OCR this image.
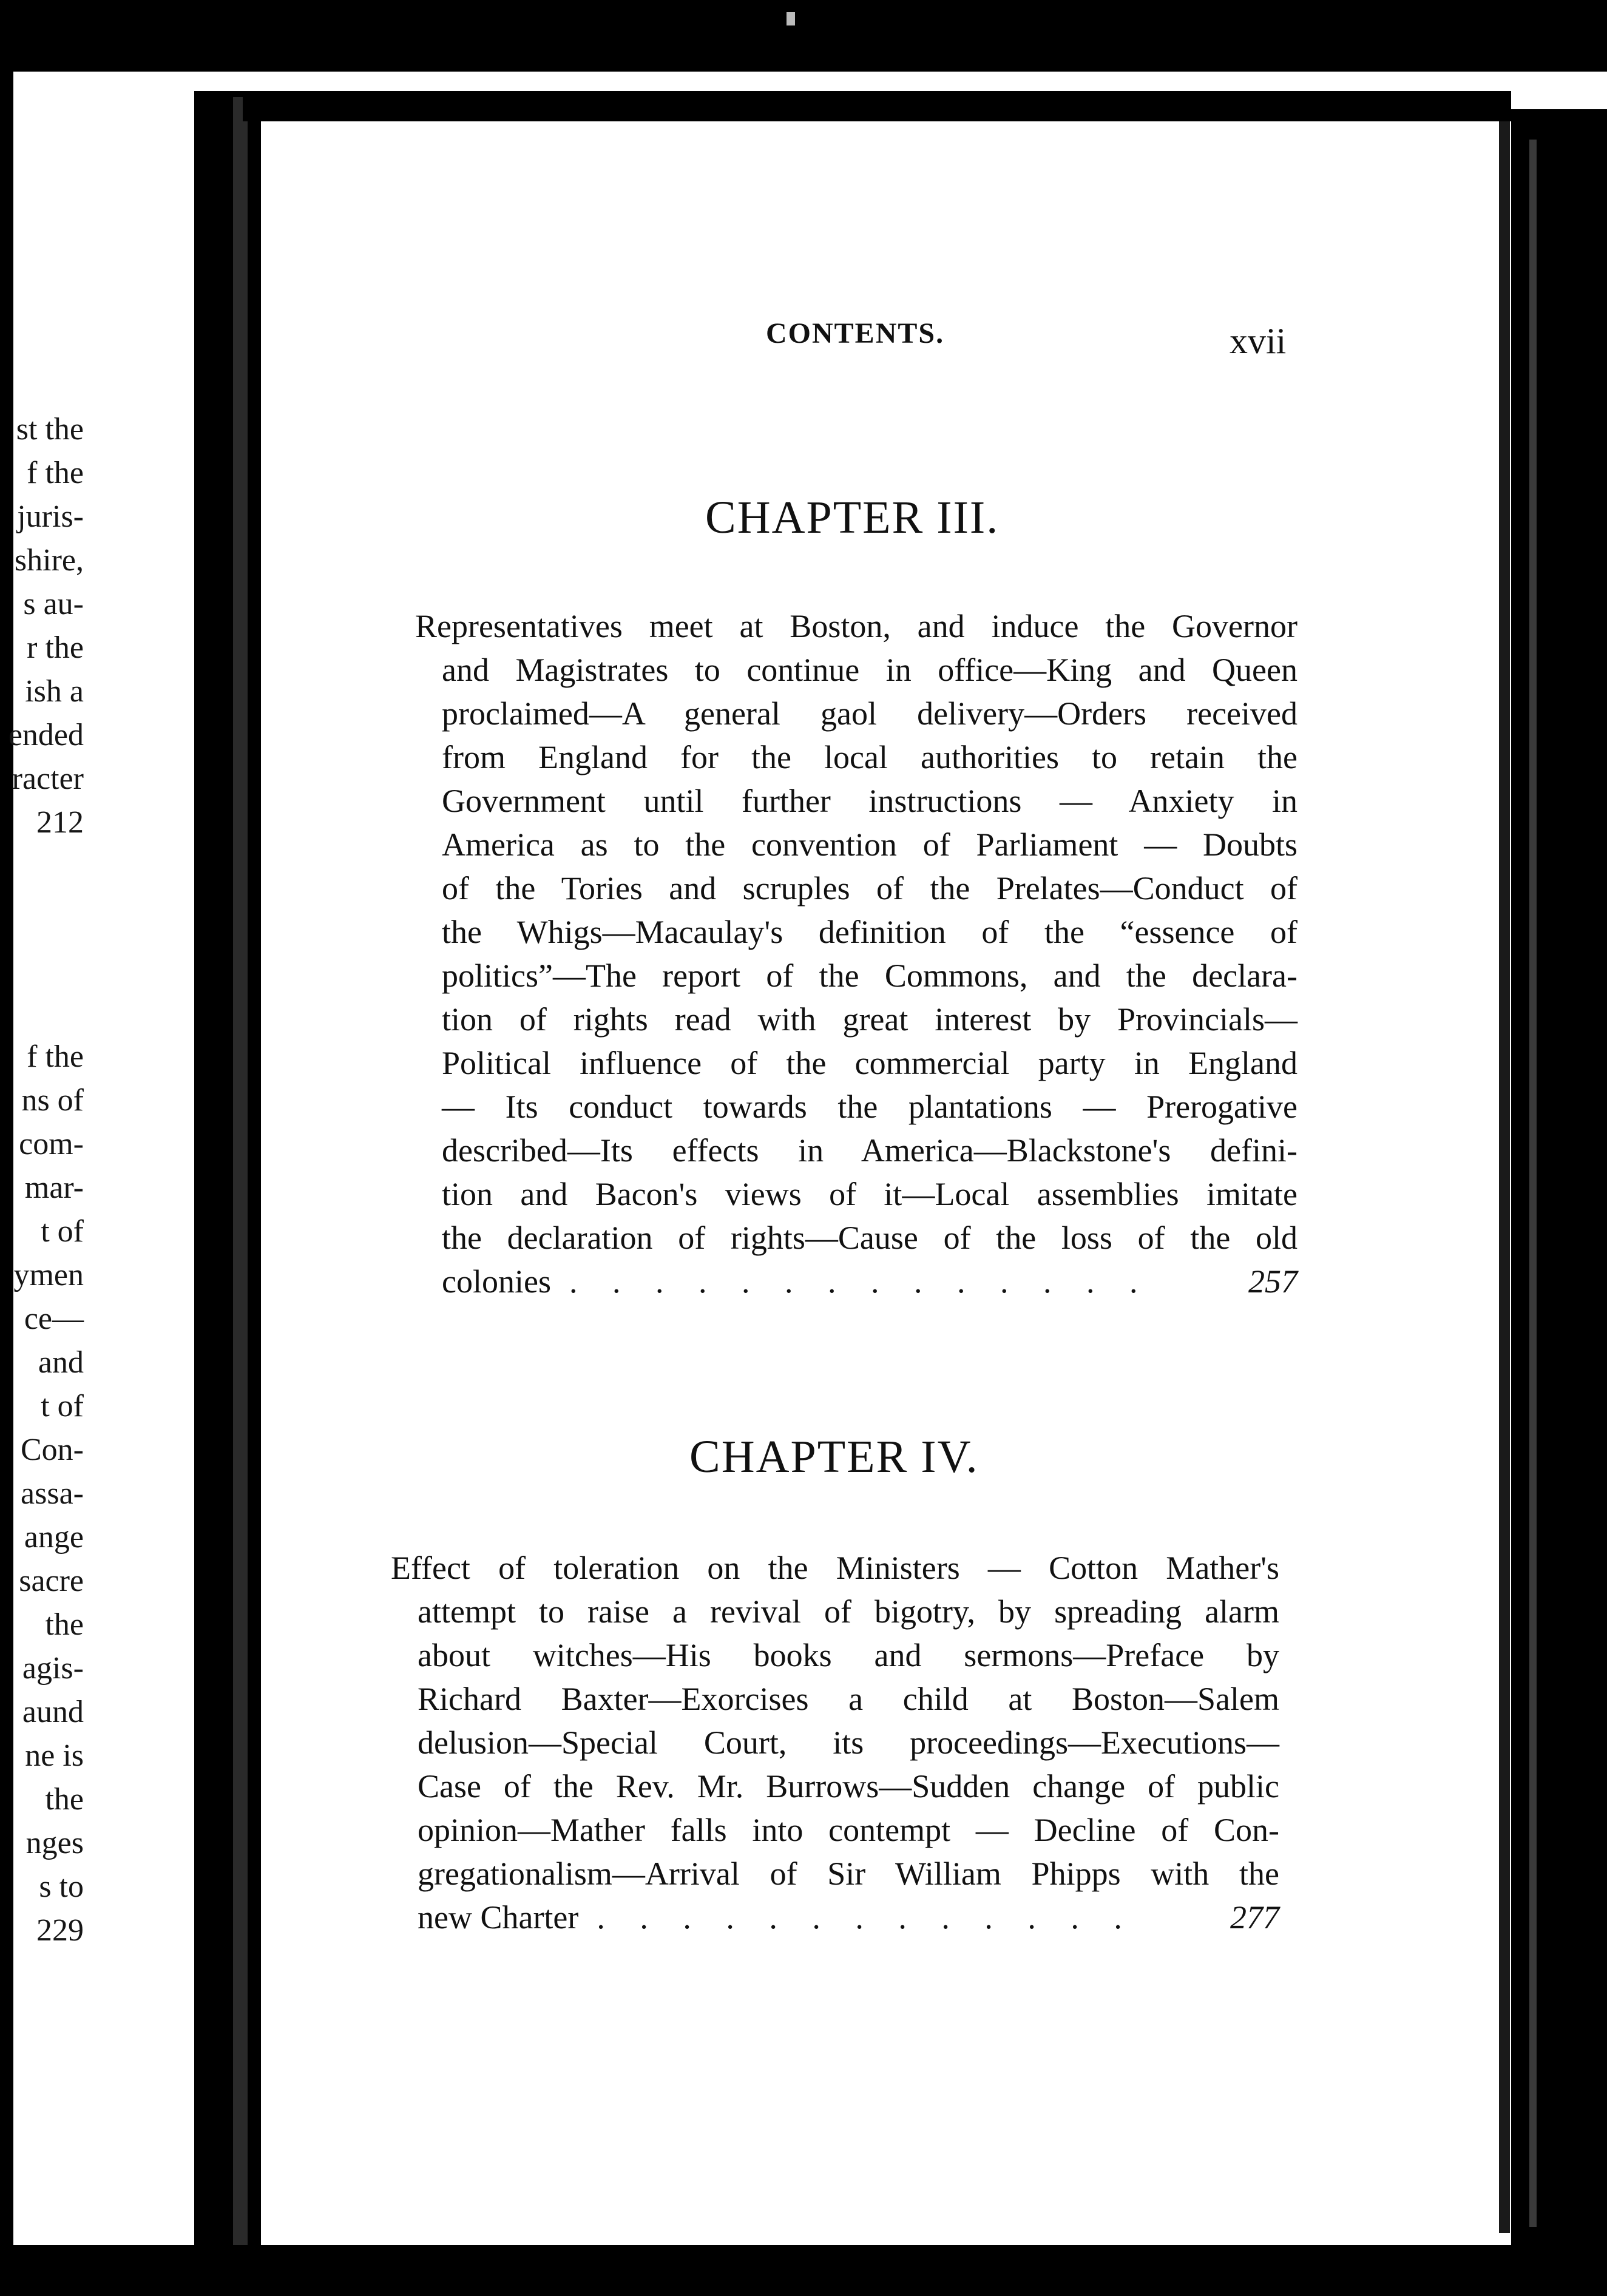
st the
f the
juris-
shire,
s au-
r the
ish a
ended
racter
212
f the
ns of
com-
mar-
t of
ymen
ce—
and
t of
Con-
assa-
ange
sacre
the
agis-
aund
ne is
the
nges
s to
229
CONTENTS.	xvii
CHAPTER III.
Representatives meet at Boston, and induce the Governor
and Magistrates to continue in office—King and Queen
proclaimed—A general gaol delivery—Orders received
from England for the local authorities to retain the
Government until further instructions — Anxiety in
America as to the convention of Parliament — Doubts
of the Tories and scruples of the Prelates—Conduct of
the Whigs—Macaulay's definition of the “essence of
politics”—The report of the Commons, and the declara-
tion of rights read with great interest by Provincials—
Political influence of the commercial party in England
— Its conduct towards the plantations — Prerogative
described—Its effects in America—Blackstone's defini-
tion and Bacon's views of it—Local assemblies imitate
the declaration of rights—Cause of the loss of the old
colonies . . . . . . . . . . . . . .	257
CHAPTER IV.
Effect of toleration on the Ministers — Cotton Mather's
attempt to raise a revival of bigotry, by spreading alarm
about witches—His books and sermons—Preface by
Richard Baxter—Exorcises a child at Boston—Salem
delusion—Special Court, its proceedings—Executions—
Case of the Rev. Mr. Burrows—Sudden change of public
opinion—Mather falls into contempt — Decline of Con-
gregationalism—Arrival of Sir William Phipps with the
new Charter . . . . . . . . . . . . .	277
